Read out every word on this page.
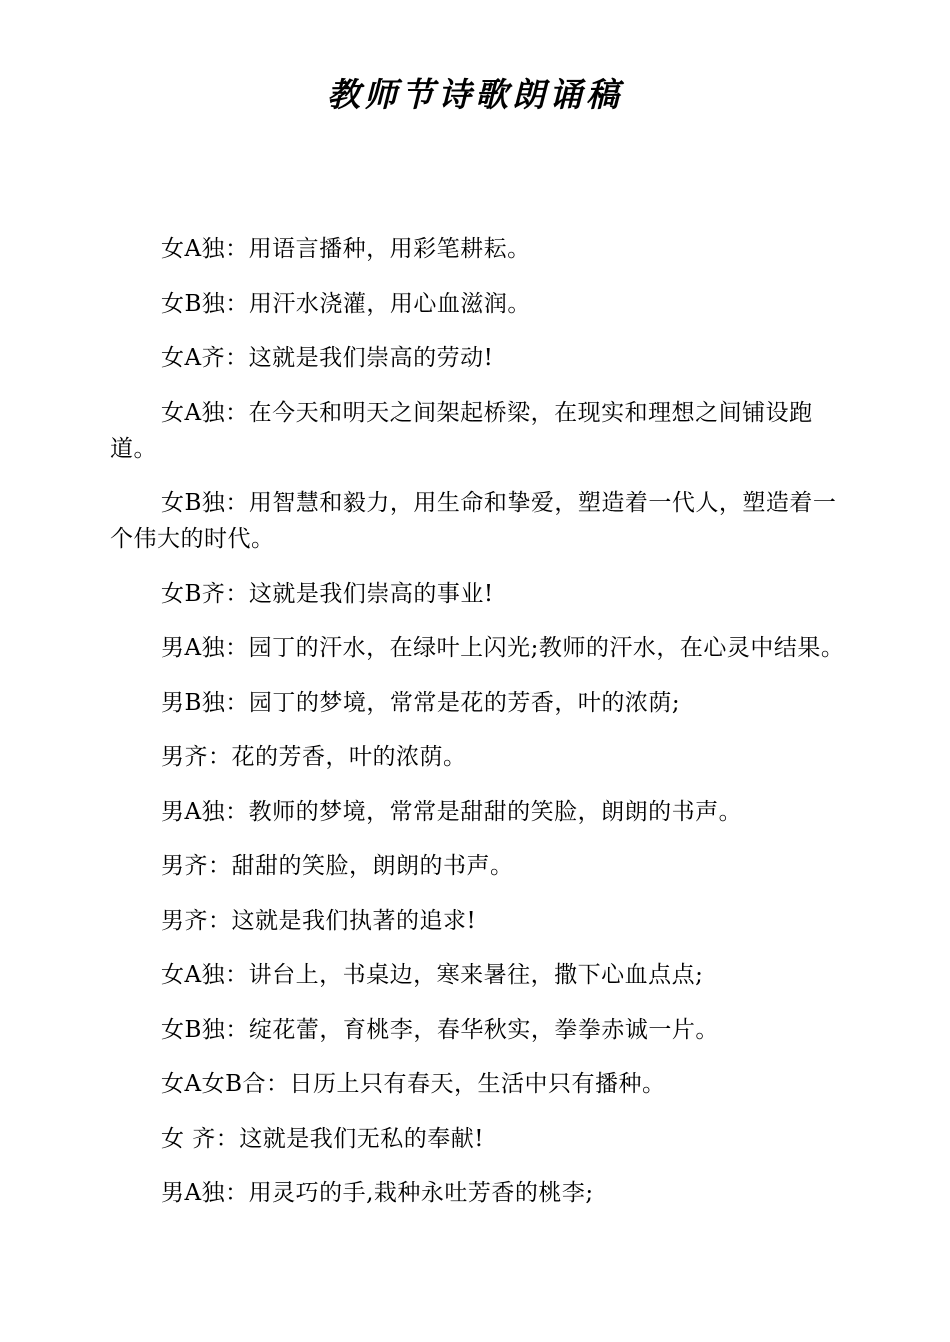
教师节诗歌朗诵稿

女A独：用语言播种，用彩笔耕耘。

女B独：用汗水浇灌，用心血滋润。

女A齐：这就是我们崇高的劳动!

女A独：在今天和明天之间架起桥梁，在现实和理想之间铺设跑道。

女B独：用智慧和毅力，用生命和挚爱，塑造着一代人，塑造着一个伟大的时代。

女B齐：这就是我们崇高的事业!

男A独：园丁的汗水，在绿叶上闪光;教师的汗水，在心灵中结果。

男B独：园丁的梦境，常常是花的芳香，叶的浓荫;

男齐：花的芳香，叶的浓荫。

男A独：教师的梦境，常常是甜甜的笑脸，朗朗的书声。

男齐：甜甜的笑脸，朗朗的书声。

男齐：这就是我们执著的追求!

女A独：讲台上，书桌边，寒来暑往，撒下心血点点;

女B独：绽花蕾，育桃李，春华秋实，拳拳赤诚一片。

女A女B合：日历上只有春天，生活中只有播种。

女 齐：这就是我们无私的奉献!

男A独：用灵巧的手,栽种永吐芳香的桃李;
